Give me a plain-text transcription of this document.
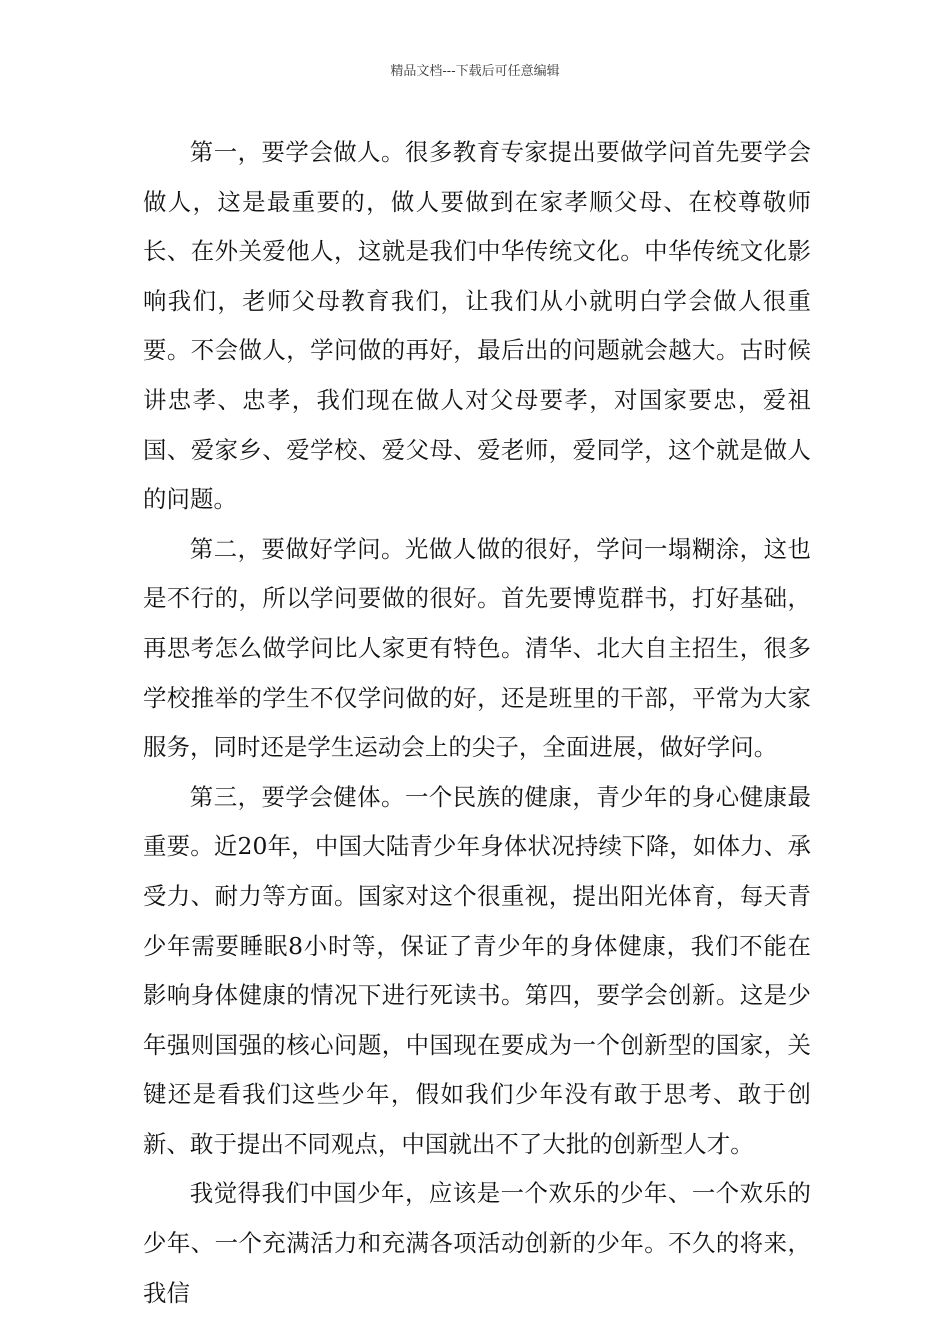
精品文档---下载后可任意编辑

第一，要学会做人。很多教育专家提出要做学问首先要学会做人，这是最重要的，做人要做到在家孝顺父母、在校尊敬师长、在外关爱他人，这就是我们中华传统文化。中华传统文化影响我们，老师父母教育我们，让我们从小就明白学会做人很重要。不会做人，学问做的再好，最后出的问题就会越大。古时候讲忠孝、忠孝，我们现在做人对父母要孝，对国家要忠，爱祖国、爱家乡、爱学校、爱父母、爱老师，爱同学，这个就是做人的问题。

第二，要做好学问。光做人做的很好，学问一塌糊涂，这也是不行的，所以学问要做的很好。首先要博览群书，打好基础，再思考怎么做学问比人家更有特色。清华、北大自主招生，很多学校推举的学生不仅学问做的好，还是班里的干部，平常为大家服务，同时还是学生运动会上的尖子，全面进展，做好学问。

第三，要学会健体。一个民族的健康，青少年的身心健康最重要。近20年，中国大陆青少年身体状况持续下降，如体力、承受力、耐力等方面。国家对这个很重视，提出阳光体育，每天青少年需要睡眠8小时等，保证了青少年的身体健康，我们不能在影响身体健康的情况下进行死读书。第四，要学会创新。这是少年强则国强的核心问题，中国现在要成为一个创新型的国家，关键还是看我们这些少年，假如我们少年没有敢于思考、敢于创新、敢于提出不同观点，中国就出不了大批的创新型人才。

我觉得我们中国少年，应该是一个欢乐的少年、一个欢乐的少年、一个充满活力和充满各项活动创新的少年。不久的将来，我信
